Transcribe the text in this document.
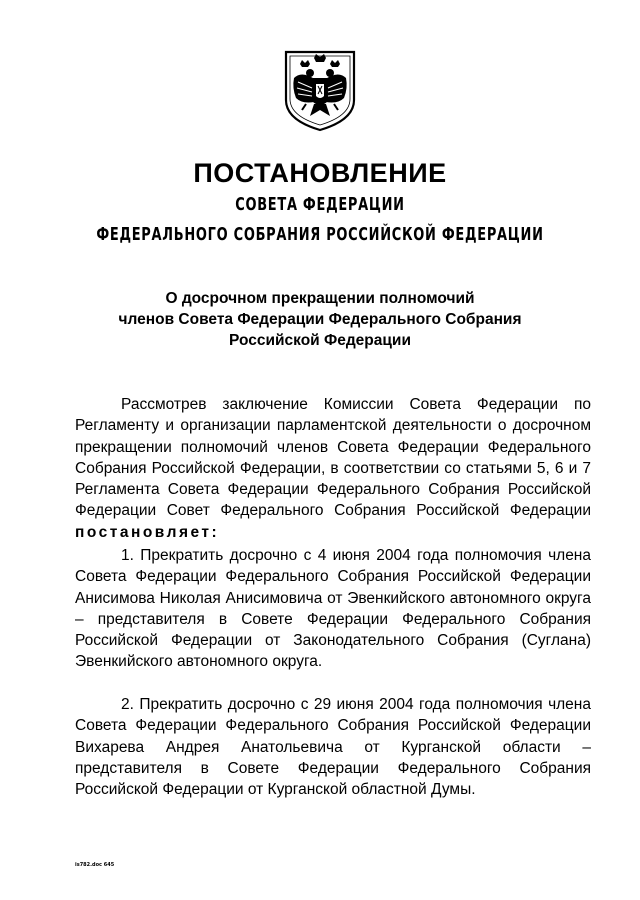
ПОСТАНОВЛЕНИЕ
СОВЕТА ФЕДЕРАЦИИ
ФЕДЕРАЛЬНОГО СОБРАНИЯ РОССИЙСКОЙ ФЕДЕРАЦИИ
О досрочном прекращении полномочий
членов Совета Федерации Федерального Собрания
Российской Федерации
Рассмотрев заключение Комиссии Совета Федерации по Регламенту и организации парламентской деятельности о досрочном прекращении полномочий членов Совета Федерации Федерального Собрания Российской Федерации, в соответствии со статьями 5, 6 и 7 Регламента Совета Федерации Федерального Собрания Российской Федерации Совет Федерального Собрания Российской Федерации постановляет:
1. Прекратить досрочно с 4 июня 2004 года полномочия члена Совета Федерации Федерального Собрания Российской Федерации Анисимова Николая Анисимовича от Эвенкийского автономного округа – представителя в Совете Федерации Федерального Собрания Российской Федерации от Законодательного Собрания (Суглана) Эвенкийского автономного округа.
2. Прекратить досрочно с 29 июня 2004 года полномочия члена Совета Федерации Федерального Собрания Российской Федерации Вихарева Андрея Анатольевича от Курганской области – представителя в Совете Федерации Федерального Собрания Российской Федерации от Курганской областной Думы.
is782.doc 645
